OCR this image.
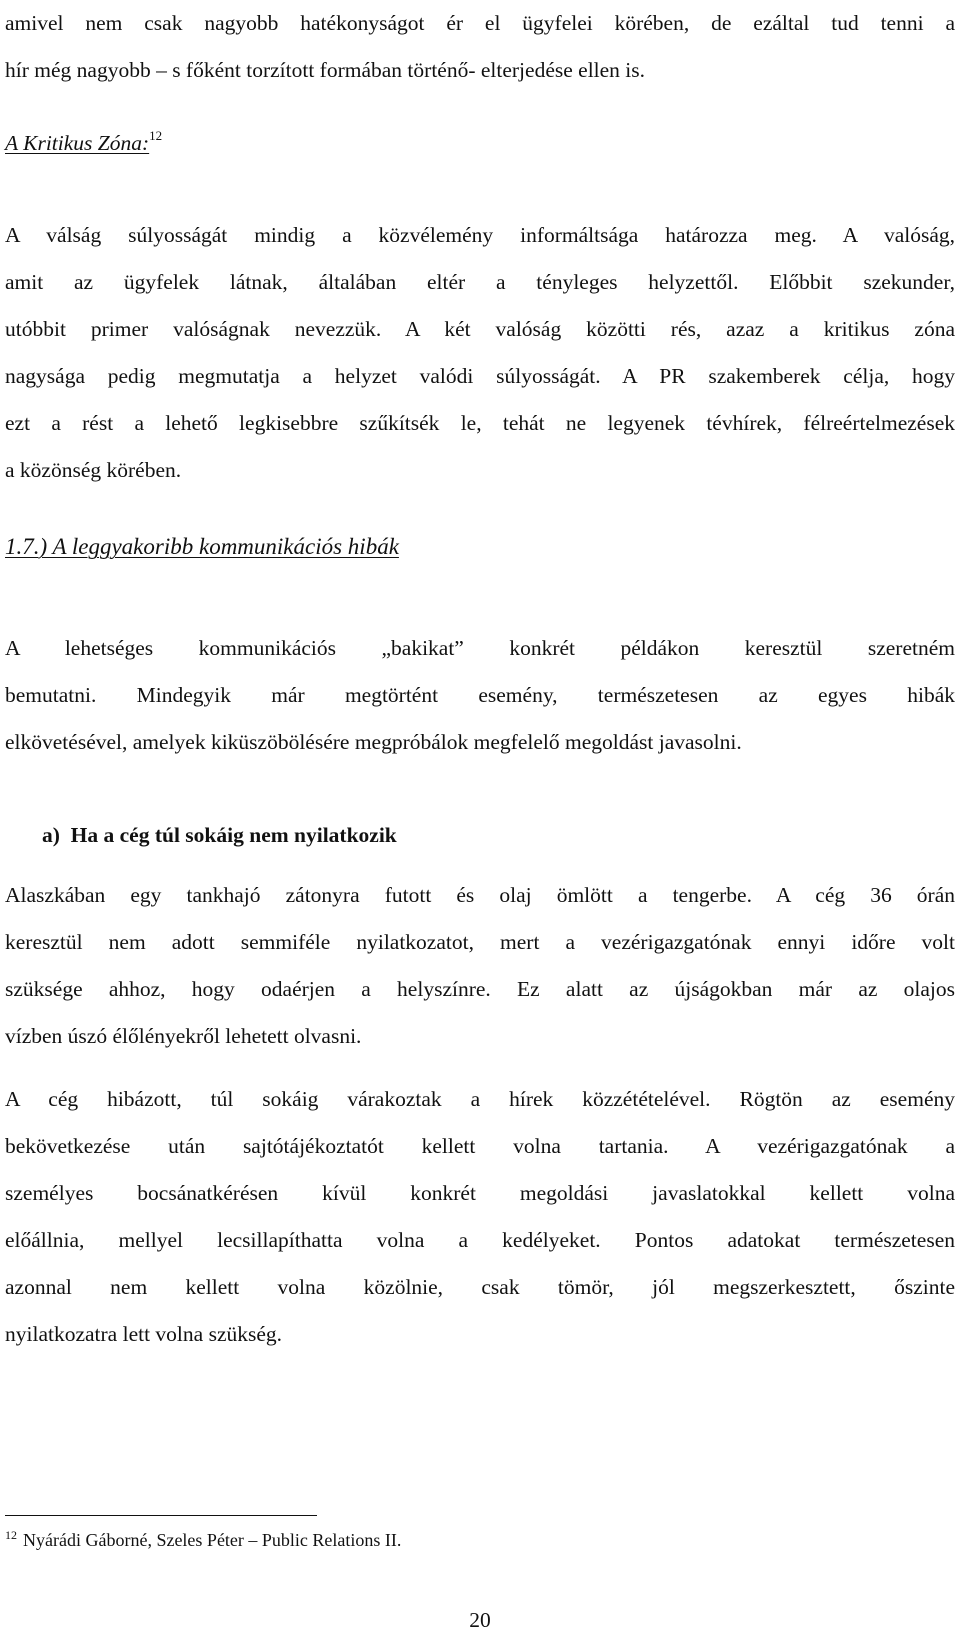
amivel nem csak nagyobb hatékonyságot ér el ügyfelei körében, de ezáltal tud tenni a
hír még nagyobb – s főként torzított formában történő- elterjedése ellen is.
A Kritikus Zóna:$^{12}$
A válság súlyosságát mindig a közvélemény informáltsága határozza meg. A valóság,
amit az ügyfelek látnak, általában eltér a tényleges helyzettől. Előbbit szekunder,
utóbbit primer valóságnak nevezzük. A két valóság közötti rés, azaz a kritikus zóna
nagysága pedig megmutatja a helyzet valódi súlyosságát. A PR szakemberek célja, hogy
ezt a rést a lehető legkisebbre szűkítsék le, tehát ne legyenek tévhírek, félreértelmezések
a közönség körében.
1.7.) A leggyakoribb kommunikációs hibák
A lehetséges kommunikációs „bakikat” konkrét példákon keresztül szeretném
bemutatni. Mindegyik már megtörtént esemény, természetesen az egyes hibák
elkövetésével, amelyek kiküszöbölésére megpróbálok megfelelő megoldást javasolni.
a)  Ha a cég túl sokáig nem nyilatkozik
Alaszkában egy tankhajó zátonyra futott és olaj ömlött a tengerbe. A cég 36 órán
keresztül nem adott semmiféle nyilatkozatot, mert a vezérigazgatónak ennyi időre volt
szüksége ahhoz, hogy odaérjen a helyszínre. Ez alatt az újságokban már az olajos
vízben úszó élőlényekről lehetett olvasni.
A cég hibázott, túl sokáig várakoztak a hírek közzétételével. Rögtön az esemény
bekövetkezése után sajtótájékoztatót kellett volna tartania. A vezérigazgatónak a
személyes bocsánatkérésen kívül konkrét megoldási javaslatokkal kellett volna
előállnia, mellyel lecsillapíthatta volna a kedélyeket. Pontos adatokat természetesen
azonnal nem kellett volna közölnie, csak tömör, jól megszerkesztett, őszinte
nyilatkozatra lett volna szükség.
$^{12}$ Nyárádi Gáborné, Szeles Péter – Public Relations II.
20
